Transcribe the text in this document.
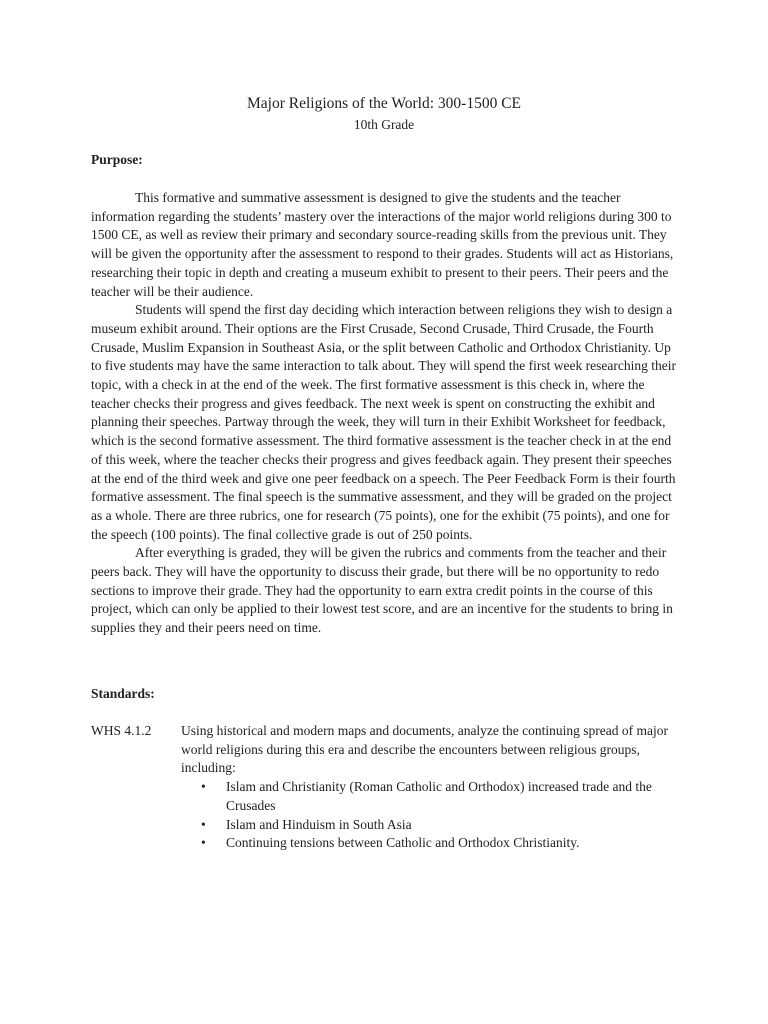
Major Religions of the World: 300-1500 CE
10th Grade
Purpose:

This formative and summative assessment is designed to give the students and the teacher information regarding the students’ mastery over the interactions of the major world religions during 300 to 1500 CE, as well as review their primary and secondary source-reading skills from the previous unit. They will be given the opportunity after the assessment to respond to their grades. Students will act as Historians, researching their topic in depth and creating a museum exhibit to present to their peers. Their peers and the teacher will be their audience.

Students will spend the first day deciding which interaction between religions they wish to design a museum exhibit around. Their options are the First Crusade, Second Crusade, Third Crusade, the Fourth Crusade, Muslim Expansion in Southeast Asia, or the split between Catholic and Orthodox Christianity. Up to five students may have the same interaction to talk about. They will spend the first week researching their topic, with a check in at the end of the week. The first formative assessment is this check in, where the teacher checks their progress and gives feedback. The next week is spent on constructing the exhibit and planning their speeches. Partway through the week, they will turn in their Exhibit Worksheet for feedback, which is the second formative assessment. The third formative assessment is the teacher check in at the end of this week, where the teacher checks their progress and gives feedback again. They present their speeches at the end of the third week and give one peer feedback on a speech. The Peer Feedback Form is their fourth formative assessment. The final speech is the summative assessment, and they will be graded on the project as a whole. There are three rubrics, one for research (75 points), one for the exhibit (75 points), and one for the speech (100 points). The final collective grade is out of 250 points.

After everything is graded, they will be given the rubrics and comments from the teacher and their peers back. They will have the opportunity to discuss their grade, but there will be no opportunity to redo sections to improve their grade. They had the opportunity to earn extra credit points in the course of this project, which can only be applied to their lowest test score, and are an incentive for the students to bring in supplies they and their peers need on time.

Standards:
WHS 4.1.2	Using historical and modern maps and documents, analyze the continuing spread of major world religions during this era and describe the encounters between religious groups, including:
• Islam and Christianity (Roman Catholic and Orthodox) increased trade and the Crusades
• Islam and Hinduism in South Asia
• Continuing tensions between Catholic and Orthodox Christianity.
